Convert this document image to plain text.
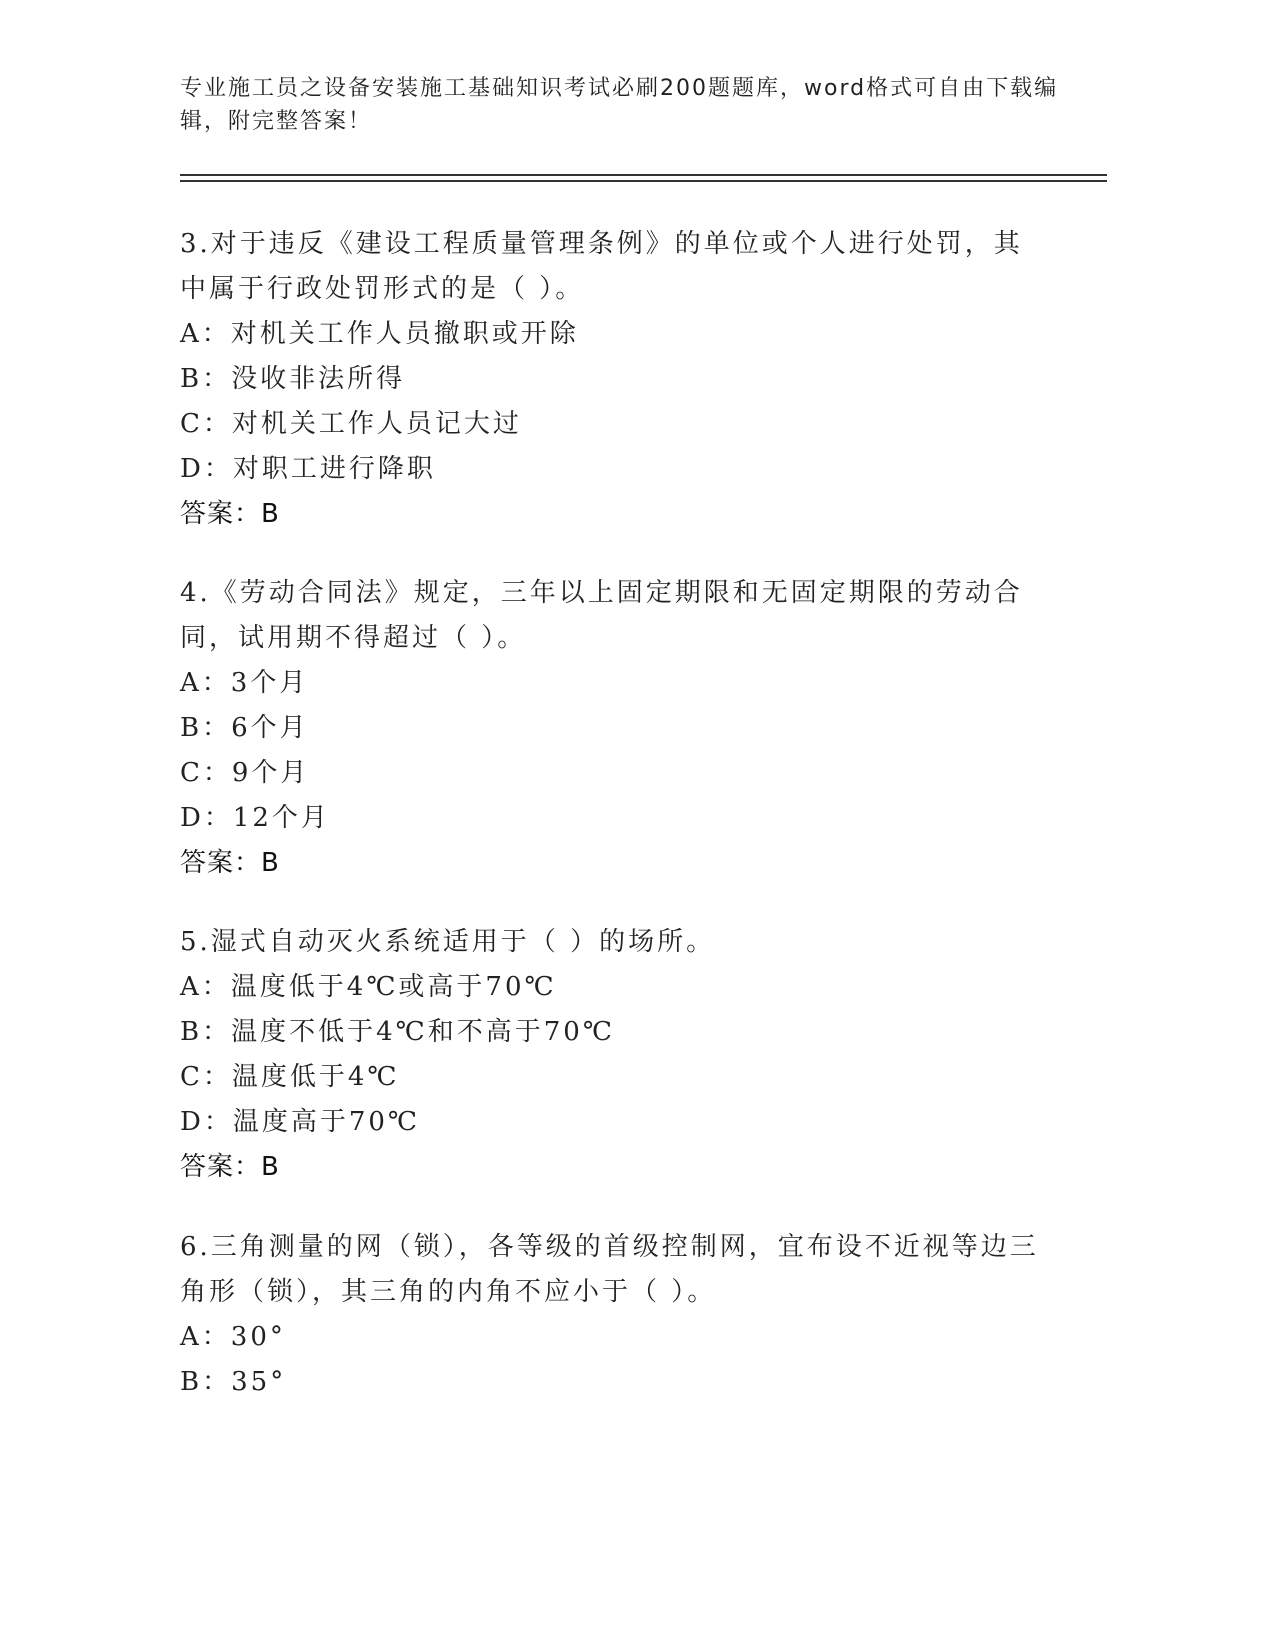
专业施工员之设备安装施工基础知识考试必刷200题题库，word格式可自由下载编辑，附完整答案！

3.对于违反《建设工程质量管理条例》的单位或个人进行处罚，其中属于行政处罚形式的是（ ）。

A：对机关工作人员撤职或开除

B：没收非法所得

C：对机关工作人员记大过

D：对职工进行降职

答案：B

4.《劳动合同法》规定，三年以上固定期限和无固定期限的劳动合同，试用期不得超过（ ）。

A：3个月

B：6个月

C：9个月

D：12个月

答案：B

5.湿式自动灭火系统适用于（ ）的场所。

A：温度低于4℃或高于70℃

B：温度不低于4℃和不高于70℃

C：温度低于4℃

D：温度高于70℃

答案：B

6.三角测量的网（锁），各等级的首级控制网，宜布设不近视等边三角形（锁），其三角的内角不应小于（ ）。

A：30°

B：35°
